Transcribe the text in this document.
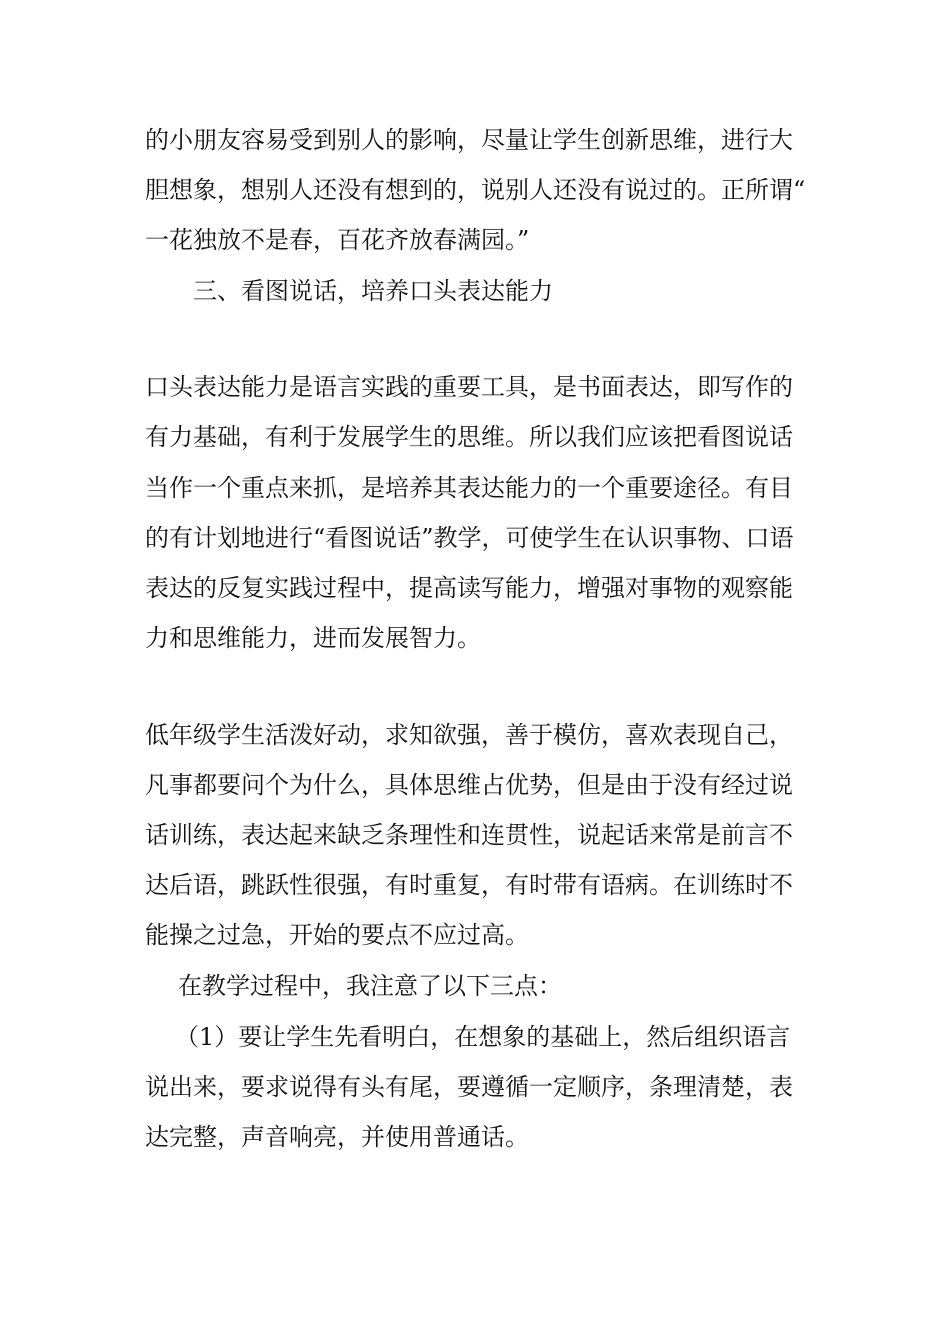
的小朋友容易受到别人的影响，尽量让学生创新思维，进行大
胆想象，想别人还没有想到的，说别人还没有说过的。正所谓“
一花独放不是春，百花齐放春满园。”
三、看图说话，培养口头表达能力
口头表达能力是语言实践的重要工具，是书面表达，即写作的
有力基础，有利于发展学生的思维。所以我们应该把看图说话
当作一个重点来抓，是培养其表达能力的一个重要途径。有目
的有计划地进行“看图说话”教学，可使学生在认识事物、口语
表达的反复实践过程中，提高读写能力，增强对事物的观察能
力和思维能力，进而发展智力。
低年级学生活泼好动，求知欲强，善于模仿，喜欢表现自己，
凡事都要问个为什么，具体思维占优势，但是由于没有经过说
话训练，表达起来缺乏条理性和连贯性，说起话来常是前言不
达后语，跳跃性很强，有时重复，有时带有语病。在训练时不
能操之过急，开始的要点不应过高。
在教学过程中，我注意了以下三点：
（1）要让学生先看明白，在想象的基础上，然后组织语言
说出来，要求说得有头有尾，要遵循一定顺序，条理清楚，表
达完整，声音响亮，并使用普通话。
